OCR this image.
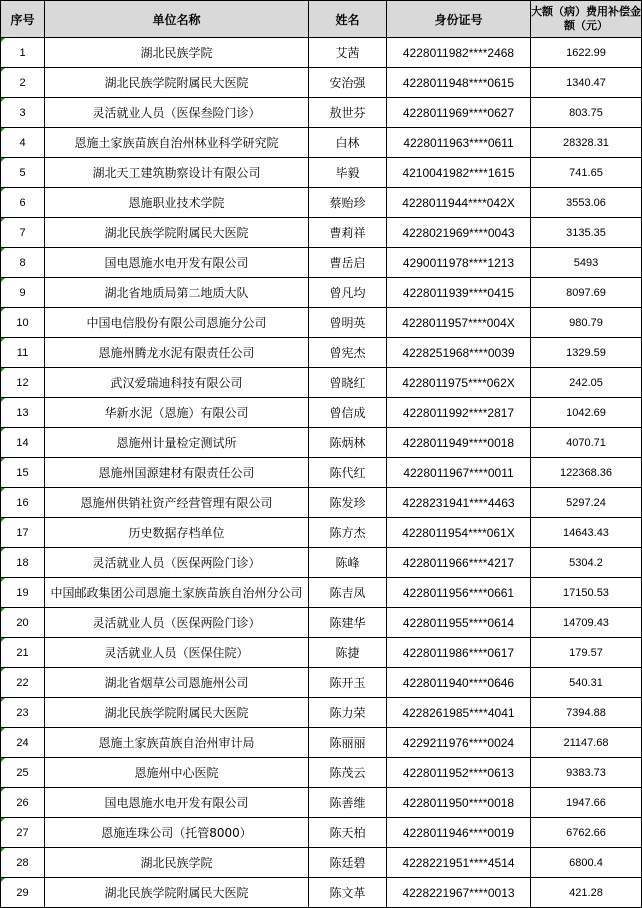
序号	单位名称	姓名	身份证号	大额（病）费用补偿金额（元）
1	湖北民族学院	艾茜	4228011982****2468	1622.99
2	湖北民族学院附属民大医院	安治强	4228011948****0615	1340.47
3	灵活就业人员（医保叁险门诊）	敖世芬	4228011969****0627	803.75
4	恩施土家族苗族自治州林业科学研究院	白林	4228011963****0611	28328.31
5	湖北天工建筑勘察设计有限公司	毕毅	4210041982****1615	741.65
6	恩施职业技术学院	蔡贻珍	4228011944****042X	3553.06
7	湖北民族学院附属民大医院	曹莉祥	4228021969****0043	3135.35
8	国电恩施水电开发有限公司	曹岳启	4290011978****1213	5493
9	湖北省地质局第二地质大队	曾凡均	4228011939****0415	8097.69
10	中国电信股份有限公司恩施分公司	曾明英	4228011957****004X	980.79
11	恩施州腾龙水泥有限责任公司	曾宪杰	4228251968****0039	1329.59
12	武汉爱瑞迪科技有限公司	曾晓红	4228011975****062X	242.05
13	华新水泥（恩施）有限公司	曾信成	4228011992****2817	1042.69
14	恩施州计量检定测试所	陈炳林	4228011949****0018	4070.71
15	恩施州国源建材有限责任公司	陈代红	4228011967****0011	122368.36
16	恩施州供销社资产经营管理有限公司	陈发珍	4228231941****4463	5297.24
17	历史数据存档单位	陈方杰	4228011954****061X	14643.43
18	灵活就业人员（医保两险门诊）	陈峰	4228011966****4217	5304.2
19	中国邮政集团公司恩施土家族苗族自治州分公司	陈吉凤	4228011956****0661	17150.53
20	灵活就业人员（医保两险门诊）	陈建华	4228011955****0614	14709.43
21	灵活就业人员（医保住院）	陈捷	4228011986****0617	179.57
22	湖北省烟草公司恩施州公司	陈开玉	4228011940****0646	540.31
23	湖北民族学院附属民大医院	陈力荣	4228261985****4041	7394.88
24	恩施土家族苗族自治州审计局	陈丽丽	4229211976****0024	21147.68
25	恩施州中心医院	陈茂云	4228011952****0613	9383.73
26	国电恩施水电开发有限公司	陈善维	4228011950****0018	1947.66
27	恩施连珠公司（托管8000）	陈天柏	4228011946****0019	6762.66
28	湖北民族学院	陈廷碧	4228221951****4514	6800.4
29	湖北民族学院附属民大医院	陈文革	4228221967****0013	421.28
